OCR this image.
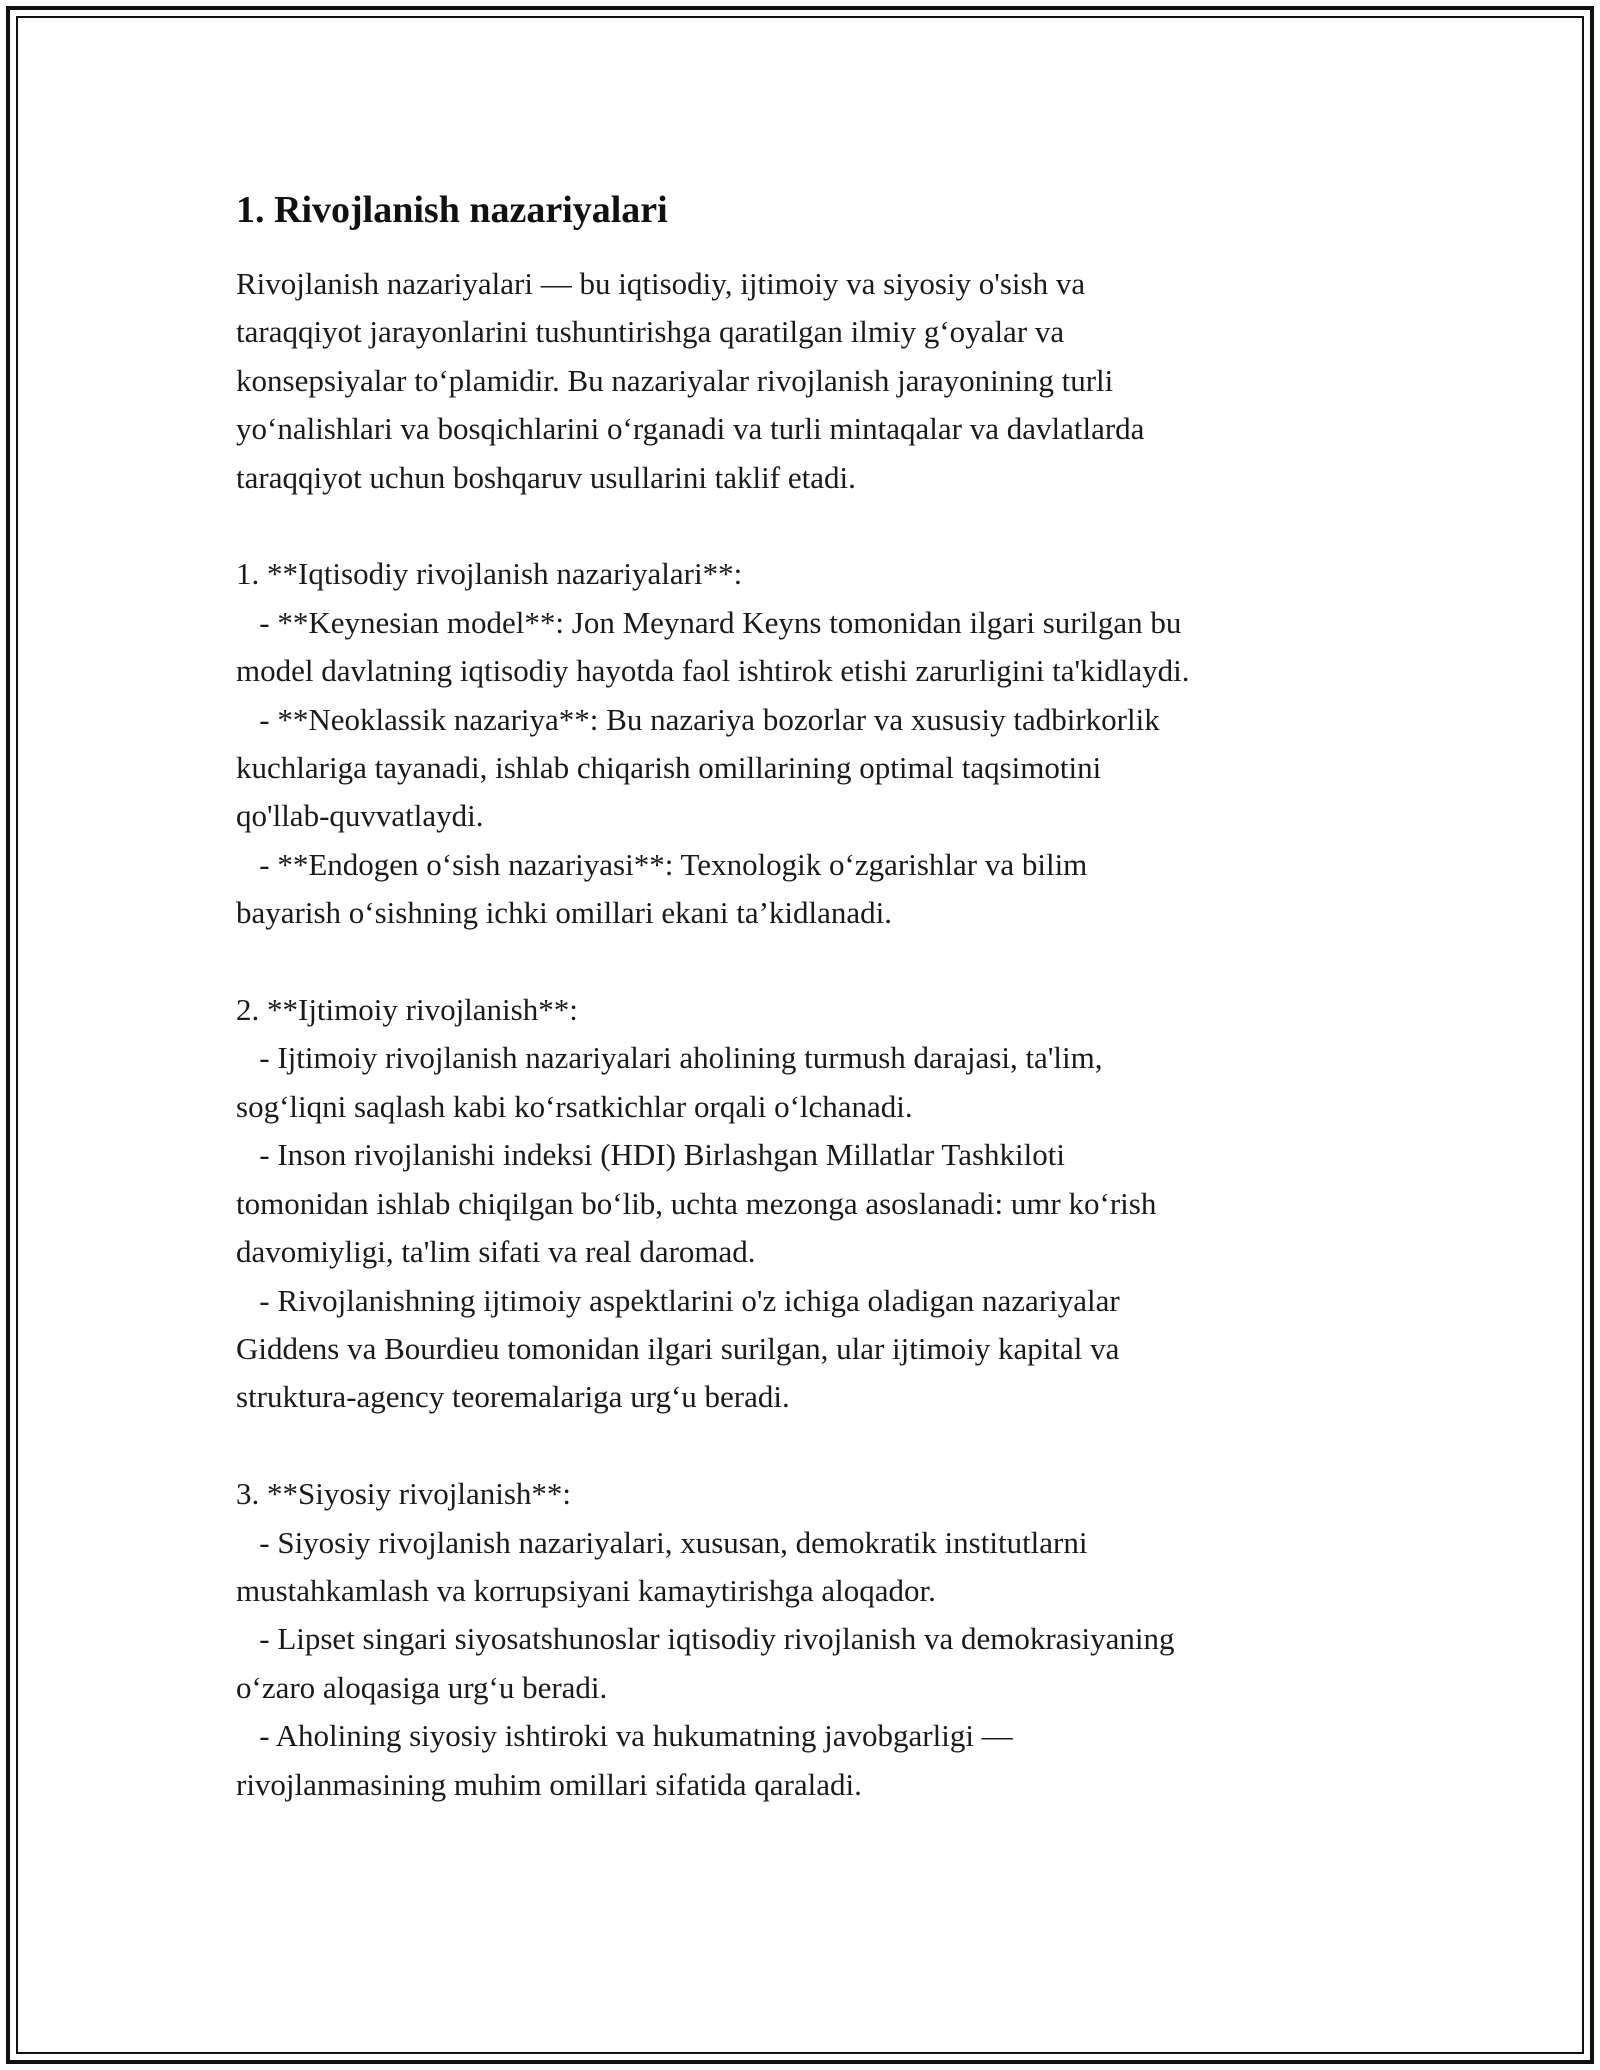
1. Rivojlanish nazariyalari
Rivojlanish nazariyalari — bu iqtisodiy, ijtimoiy va siyosiy o'sish va
taraqqiyot jarayonlarini tushuntirishga qaratilgan ilmiy g‘oyalar va
konsepsiyalar to‘plamidir. Bu nazariyalar rivojlanish jarayonining turli
yo‘nalishlari va bosqichlarini o‘rganadi va turli mintaqalar va davlatlarda
taraqqiyot uchun boshqaruv usullarini taklif etadi.
1. **Iqtisodiy rivojlanish nazariyalari**:
- **Keynesian model**: Jon Meynard Keyns tomonidan ilgari surilgan bu
model davlatning iqtisodiy hayotda faol ishtirok etishi zarurligini ta'kidlaydi.
- **Neoklassik nazariya**: Bu nazariya bozorlar va xususiy tadbirkorlik
kuchlariga tayanadi, ishlab chiqarish omillarining optimal taqsimotini
qo'llab-quvvatlaydi.
- **Endogen o‘sish nazariyasi**: Texnologik o‘zgarishlar va bilim
bayarish o‘sishning ichki omillari ekani ta’kidlanadi.
2. **Ijtimoiy rivojlanish**:
- Ijtimoiy rivojlanish nazariyalari aholining turmush darajasi, ta'lim,
sog‘liqni saqlash kabi ko‘rsatkichlar orqali o‘lchanadi.
- Inson rivojlanishi indeksi (HDI) Birlashgan Millatlar Tashkiloti
tomonidan ishlab chiqilgan bo‘lib, uchta mezonga asoslanadi: umr ko‘rish
davomiyligi, ta'lim sifati va real daromad.
- Rivojlanishning ijtimoiy aspektlarini o'z ichiga oladigan nazariyalar
Giddens va Bourdieu tomonidan ilgari surilgan, ular ijtimoiy kapital va
struktura-agency teoremalariga urg‘u beradi.
3. **Siyosiy rivojlanish**:
- Siyosiy rivojlanish nazariyalari, xususan, demokratik institutlarni
mustahkamlash va korrupsiyani kamaytirishga aloqador.
- Lipset singari siyosatshunoslar iqtisodiy rivojlanish va demokrasiyaning
o‘zaro aloqasiga urg‘u beradi.
- Aholining siyosiy ishtiroki va hukumatning javobgarligi —
rivojlanmasining muhim omillari sifatida qaraladi.
